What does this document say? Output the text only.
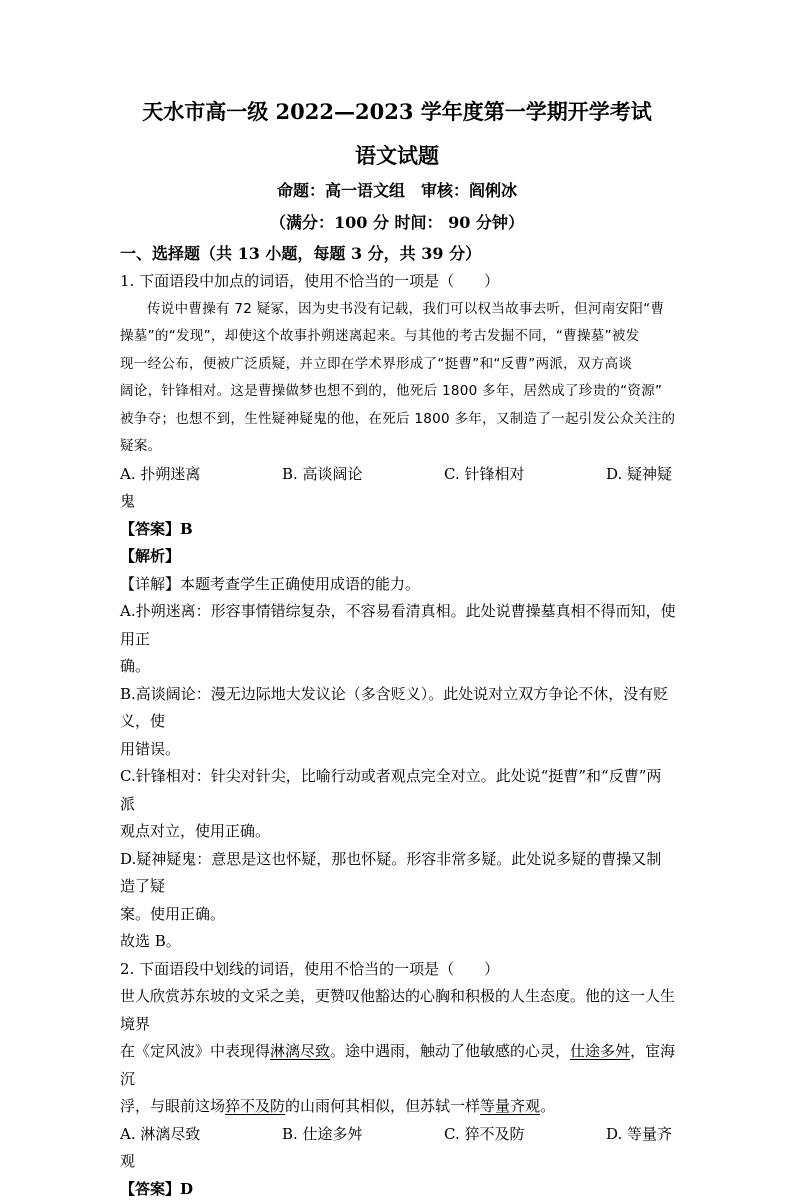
天水市高一级 2022—2023 学年度第一学期开学考试
语文试题
命题：高一语文组　审核：阎俐冰
（满分：100 分 时间： 90 分钟）
一、选择题（共 13 小题，每题 3 分，共 39 分）
1. 下面语段中加点的词语，使用不恰当的一项是（　　）
传说中曹操有 72 疑冢，因为史书没有记载，我们可以权当故事去听，但河南安阳“曹
操墓”的“发现”，却使这个故事扑朔迷离起来。与其他的考古发掘不同，“曹操墓”被发
现一经公布，便被广泛质疑，并立即在学术界形成了“挺曹”和“反曹”两派，双方高谈
阔论，针锋相对。这是曹操做梦也想不到的，他死后 1800 多年，居然成了珍贵的“资源”
被争夺；也想不到，生性疑神疑鬼的他，在死后 1800 多年，又制造了一起引发公众关注的
疑案。
A. 扑朔迷离	B. 高谈阔论	C. 针锋相对	D. 疑神疑
鬼
【答案】B
【解析】
【详解】本题考查学生正确使用成语的能力。
A.扑朔迷离：形容事情错综复杂，不容易看清真相。此处说曹操墓真相不得而知，使用正
确。
B.高谈阔论：漫无边际地大发议论（多含贬义）。此处说对立双方争论不休，没有贬义，使
用错误。
C.针锋相对：针尖对针尖，比喻行动或者观点完全对立。此处说“挺曹”和“反曹”两派
观点对立，使用正确。
D.疑神疑鬼：意思是这也怀疑，那也怀疑。形容非常多疑。此处说多疑的曹操又制造了疑
案。使用正确。
故选 B。
2. 下面语段中划线的词语，使用不恰当的一项是（　　）
世人欣赏苏东坡的文采之美，更赞叹他豁达的心胸和积极的人生态度。他的这一人生境界
在《定风波》中表现得淋漓尽致。途中遇雨，触动了他敏感的心灵，仕途多舛，宦海沉
浮，与眼前这场猝不及防的山雨何其相似，但苏轼一样等量齐观。
A. 淋漓尽致	B. 仕途多舛	C. 猝不及防	D. 等量齐
观
【答案】D
